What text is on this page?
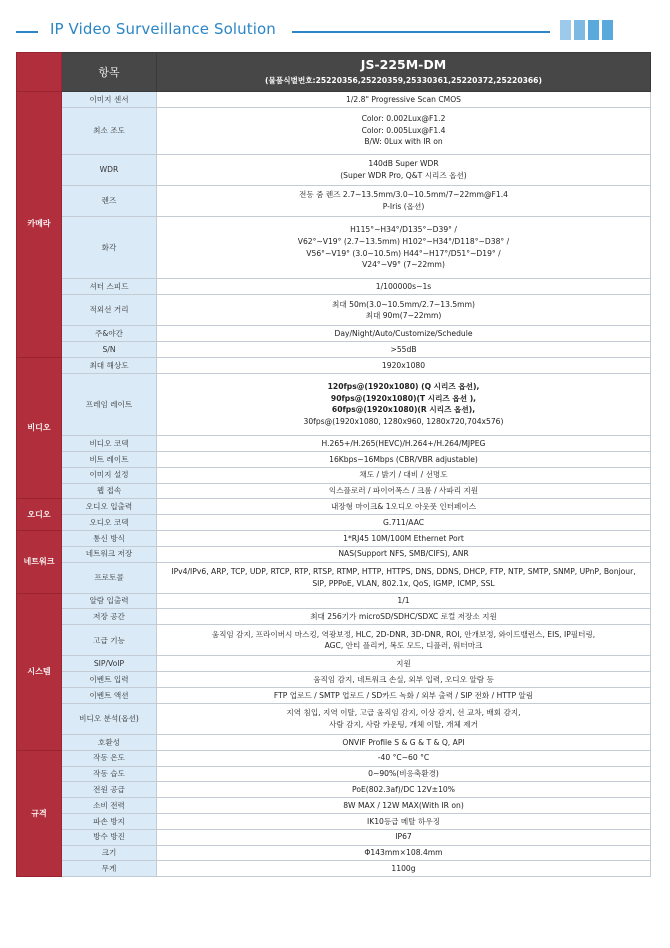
IP Video Surveillance Solution
	항목	JS-225M-DM
(물품식별번호:25220356,25220359,25330361,25220372,25220366)

카메라	이미지 센서	1/2.8" Progressive Scan CMOS

	최소 조도	Color: 0.002Lux@F1.2
Color: 0.005Lux@F1.4
B/W: 0Lux with IR on

	WDR	140dB Super WDR
(Super WDR Pro, Q&T 시리즈 옵션)

	렌즈	전동 줌 렌즈 2.7~13.5mm/3.0~10.5mm/7~22mm@F1.4
P-Iris (옵션)

	화각	H115°~H34°/D135°~D39° /
V62°~V19° (2.7~13.5mm) H102°~H34°/D118°~D38° /
V56°~V19° (3.0~10.5m) H44°~H17°/D51°~D19° /
V24°~V9° (7~22mm)

	셔터 스피드	1/100000s~1s

	적외선 거리	최대 50m(3.0~10.5mm/2.7~13.5mm)
최대 90m(7~22mm)

	주&야간	Day/Night/Auto/Customize/Schedule

	S/N	>55dB

비디오	최대 해상도	1920x1080

	프레임 레이트	120fps@(1920x1080) (Q 시리즈 옵션),
90fps@(1920x1080)(T 시리즈 옵션 ),
60fps@(1920x1080)(R 시리즈 옵션),
30fps@(1920x1080, 1280x960, 1280x720,704x576)

	비디오 코덱	H.265+/H.265(HEVC)/H.264+/H.264/MJPEG

	비트 레이트	16Kbps~16Mbps (CBR/VBR adjustable)

	이미지 설정	채도 / 밝기 / 대비 / 선명도

	웹 접속	익스플로러 / 파이어폭스 / 크롬 / 사파리 지원

오디오	오디오 입출력	내장형 마이크& 1오디오 아웃풋 인터페이스

	오디오 코덱	G.711/AAC

네트워크	통신 방식	1*RJ45 10M/100M Ethernet Port

	네트워크 저장	NAS(Support NFS, SMB/CIFS), ANR

	프로토콜	IPv4/IPv6, ARP, TCP, UDP, RTCP, RTP, RTSP, RTMP, HTTP, HTTPS, DNS, DDNS, DHCP, FTP, NTP, SMTP, SNMP, UPnP, Bonjour,
SIP, PPPoE, VLAN, 802.1x, QoS, IGMP, ICMP, SSL

시스템	알람 입출력	1/1

	저장 공간	최대 256기가 microSD/SDHC/SDXC 로컬 저장소 지원

	고급 기능	움직임 감지, 프라이버시 마스킹, 역광보정, HLC, 2D-DNR, 3D-DNR, ROI, 안개보정, 와이드밸런스, EIS, IP필터링,
AGC, 안티 플리커, 복도 모드, 디플러, 워터마크

	SIP/VoIP	지원

	이벤트 입력	움직임 감지, 네트워크 손실, 외부 입력, 오디오 알람 등

	이벤트 액션	FTP 업로드 / SMTP 업로드 / SD카드 녹화 / 외부 출력 / SIP 전화 / HTTP 알림

	비디오 분석(옵션)	지역 침입, 지역 이탈, 고급 움직임 감지, 이상 감지, 선 교차, 배회 감지,
사람 감지, 사람 카운팅, 개체 이탈, 개체 제거

	호환성	ONVIF Profile S & G & T & Q, API

규격	작동 온도	-40 °C~60 °C

	작동 습도	0~90%(비응축환경)

	전원 공급	PoE(802.3af)/DC 12V±10%

	소비 전력	8W MAX / 12W MAX(With IR on)

	파손 방지	IK10등급 메탈 하우징

	방수 방진	IP67

	크기	Φ143mm×108.4mm

	무게	1100g
